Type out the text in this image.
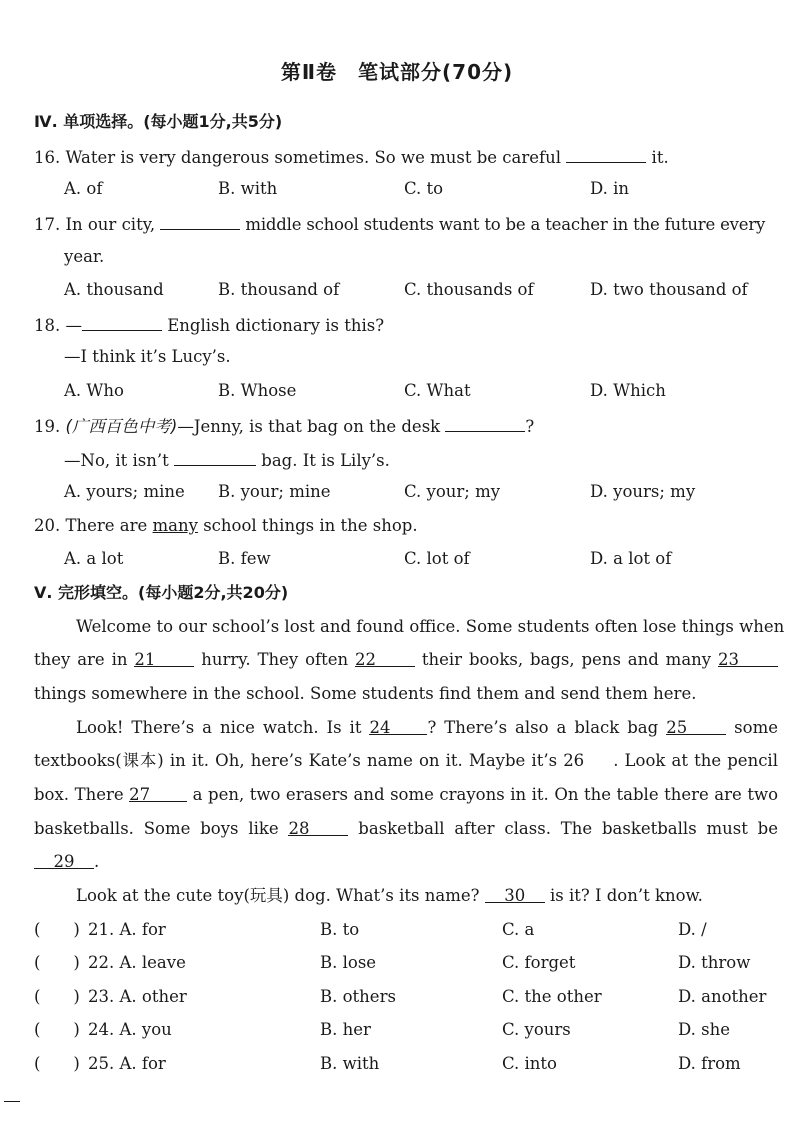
第Ⅱ卷　笔试部分(70分)
Ⅳ. 单项选择。(每小题1分,共5分)
16. Water is very dangerous sometimes. So we must be careful	it.
A. of	B. with	C. to	D. in
17. In our city,	middle school students want to be a teacher in the future every
year.
A. thousand	B. thousand of	C. thousands of	D. two thousand of
18. —	English dictionary is this?
—I think it’s Lucy’s.
A. Who	B. Whose	C. What	D. Which
19. (广西百色中考)—Jenny, is that bag on the desk	?
—No, it isn’t	bag. It is Lily’s.
A. yours; mine B. your; mine	C. your; my	D. yours; my
20. There are many school things in the shop.
A. a lot	B. few	C. lot of	D. a lot of
Ⅴ. 完形填空。(每小题2分,共20分)
Welcome to our school’s lost and found office. Some students often lose things when
they are in 21 hurry. They often 22 their books, bags, pens and many 23
things somewhere in the school. Some students find them and send them here.
Look! There’s a nice watch. Is it 24 ? There’s also a black bag 25 some
textbooks(课本) in it. Oh, here’s Kate’s name on it. Maybe it’s 26 . Look at the pencil
box. There 27 a pen, two erasers and some crayons in it. On the table there are two
basketballs. Some boys like 28 basketball after class. The basketballs must be
29 .
Look at the cute toy(玩具) dog. What’s its name? 30 is it? I don’t know.
(　　) 21. A. for	B. to	C. a	D. /
(　　) 22. A. leave	B. lose	C. forget	D. throw
(　　) 23. A. other	B. others	C. the other	D. another
(　　) 24. A. you	B. her	C. yours	D. she
(　　) 25. A. for	B. with	C. into	D. from
